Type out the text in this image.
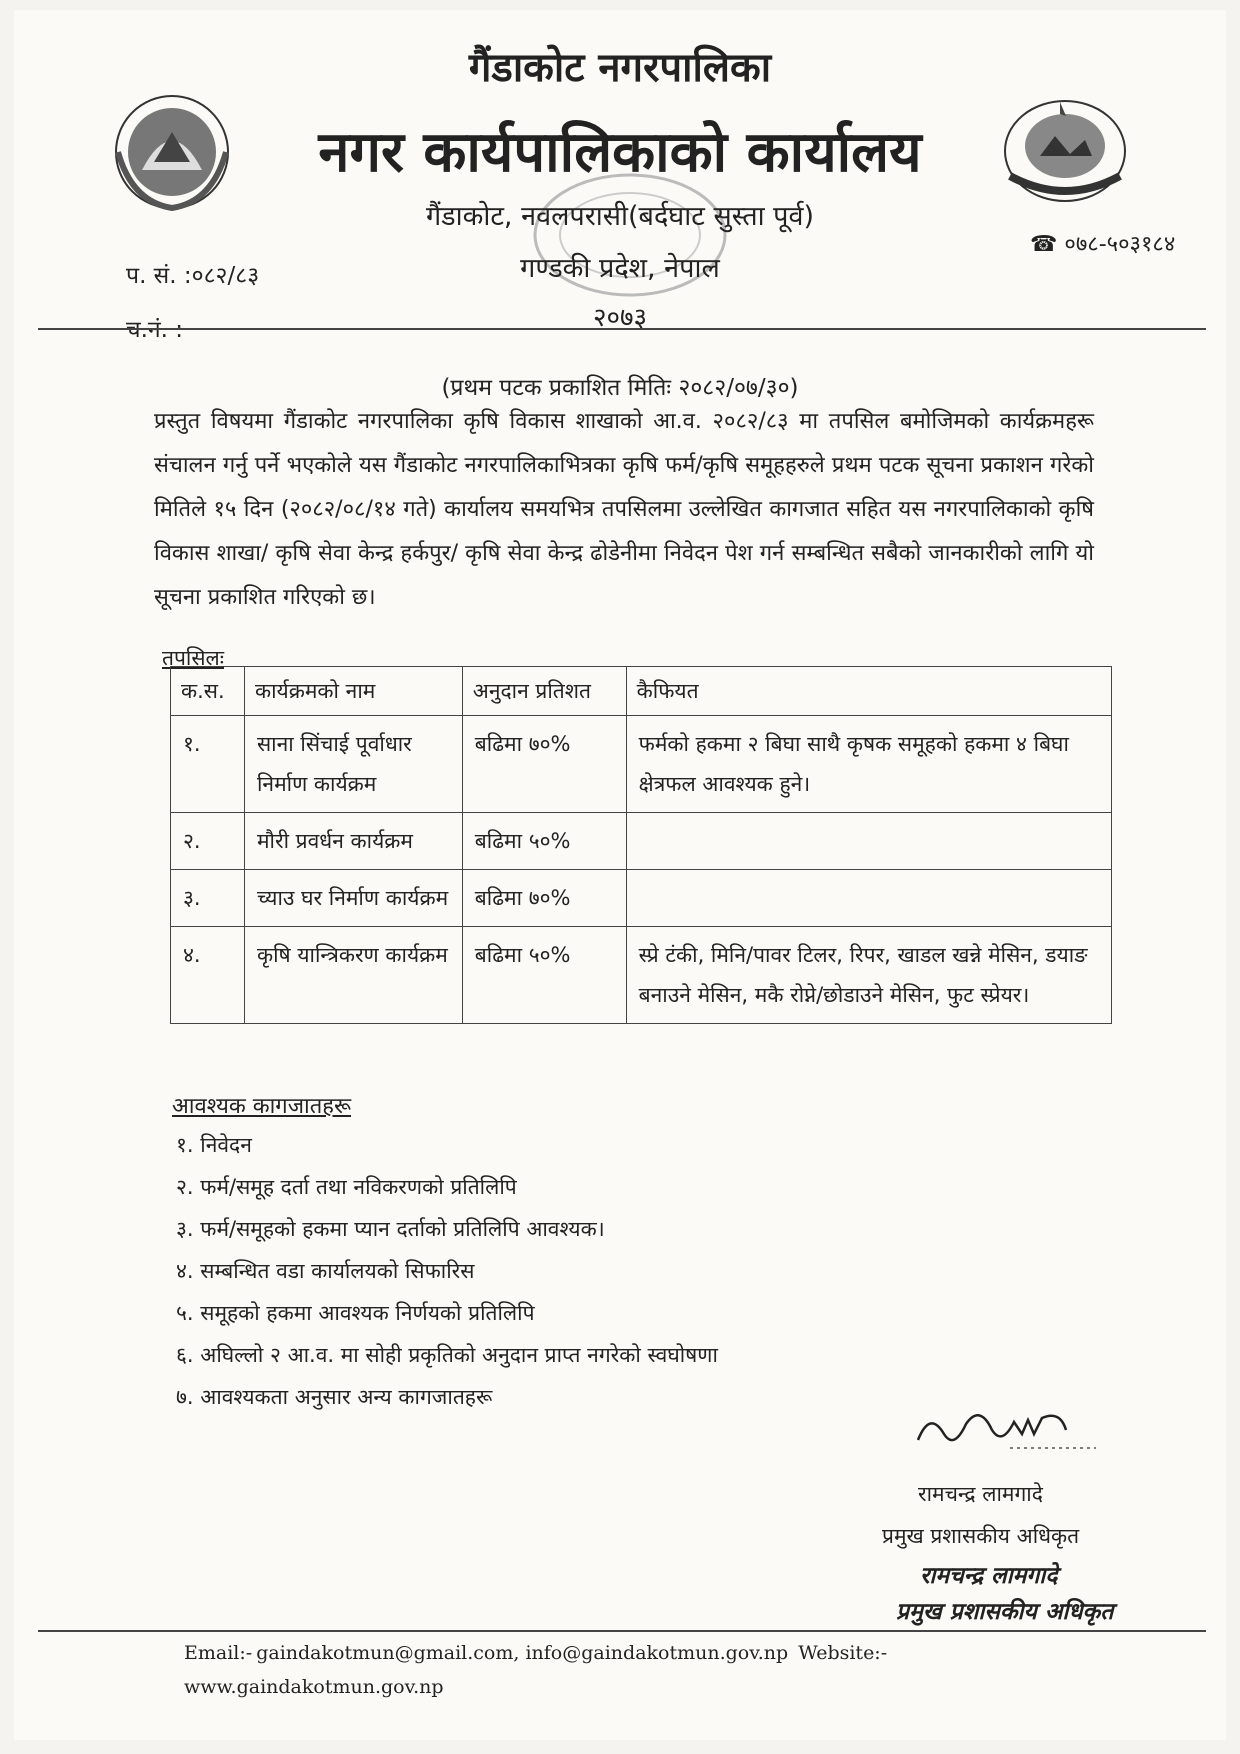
गैंडाकोट नगरपालिका
नगर कार्यपालिकाको कार्यालय
गैंडाकोट, नवलपरासी(बर्दघाट सुस्ता पूर्व)
गण्डकी प्रदेश, नेपाल
२०७३
☎ ०७८-५०३१८४
प. सं. :०८२/८३
च.नं. :
(प्रथम पटक प्रकाशित मितिः २०८२/०७/३०)
प्रस्तुत विषयमा गैंडाकोट नगरपालिका कृषि विकास शाखाको आ.व. २०८२/८३ मा तपसिल बमोजिमको कार्यक्रमहरू संचालन गर्नु पर्ने भएकोले यस गैंडाकोट नगरपालिकाभित्रका कृषि फर्म/कृषि समूहहरुले प्रथम पटक सूचना प्रकाशन गरेको मितिले १५ दिन (२०८२/०८/१४ गते) कार्यालय समयभित्र तपसिलमा उल्लेखित कागजात सहित यस नगरपालिकाको कृषि विकास शाखा/ कृषि सेवा केन्द्र हर्कपुर/ कृषि सेवा केन्द्र ढोडेनीमा निवेदन पेश गर्न सम्बन्धित सबैको जानकारीको लागि यो सूचना प्रकाशित गरिएको छ।
तपसिलः
क.स.	कार्यक्रमको नाम	अनुदान प्रतिशत	कैफियत
१.	साना सिंचाई पूर्वाधार निर्माण कार्यक्रम	बढिमा ७०%	फर्मको हकमा २ बिघा साथै कृषक समूहको हकमा ४ बिघा क्षेत्रफल आवश्यक हुने।
२.	मौरी प्रवर्धन कार्यक्रम	बढिमा ५०%	
३.	च्याउ घर निर्माण कार्यक्रम	बढिमा ७०%	
४.	कृषि यान्त्रिकरण कार्यक्रम	बढिमा ५०%	स्प्रे टंकी, मिनि/पावर टिलर, रिपर, खाडल खन्ने मेसिन, डयाङ बनाउने मेसिन, मकै रोप्ने/छोडाउने मेसिन, फुट स्प्रेयर।
आवश्यक कागजातहरू
१. निवेदन
२. फर्म/समूह दर्ता तथा नविकरणको प्रतिलिपि
३. फर्म/समूहको हकमा प्यान दर्ताको प्रतिलिपि आवश्यक।
४. सम्बन्धित वडा कार्यालयको सिफारिस
५. समूहको हकमा आवश्यक निर्णयको प्रतिलिपि
६. अघिल्लो २ आ.व. मा सोही प्रकृतिको अनुदान प्राप्त नगरेको स्वघोषणा
७. आवश्यकता अनुसार अन्य कागजातहरू
रामचन्द्र लामगादे
प्रमुख प्रशासकीय अधिकृत
रामचन्द्र लामगादे
प्रमुख प्रशासकीय अधिकृत
Email:- gaindakotmun@gmail.com, info@gaindakotmun.gov.np Website:-
www.gaindakotmun.gov.np
